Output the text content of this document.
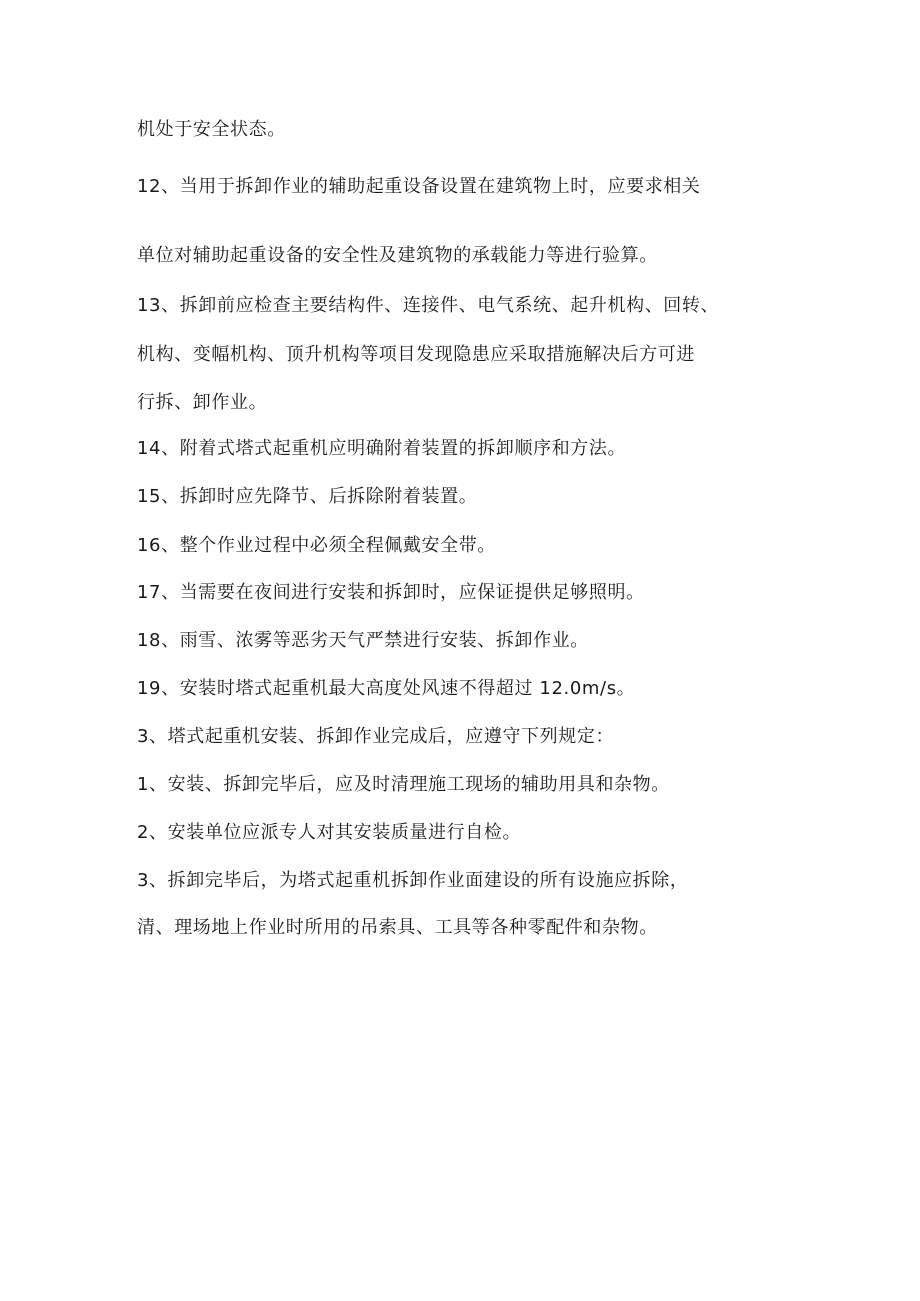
机处于安全状态。
12、当用于拆卸作业的辅助起重设备设置在建筑物上时，应要求相关
单位对辅助起重设备的安全性及建筑物的承载能力等进行验算。
13、拆卸前应检查主要结构件、连接件、电气系统、起升机构、回转、
机构、变幅机构、顶升机构等项目发现隐患应采取措施解决后方可进
行拆、卸作业。
14、附着式塔式起重机应明确附着装置的拆卸顺序和方法。
15、拆卸时应先降节、后拆除附着装置。
16、整个作业过程中必须全程佩戴安全带。
17、当需要在夜间进行安装和拆卸时，应保证提供足够照明。
18、雨雪、浓雾等恶劣天气严禁进行安装、拆卸作业。
19、安装时塔式起重机最大高度处风速不得超过 12.0m/s。
3、塔式起重机安装、拆卸作业完成后，应遵守下列规定：
1、安装、拆卸完毕后，应及时清理施工现场的辅助用具和杂物。
2、安装单位应派专人对其安装质量进行自检。
3、拆卸完毕后，为塔式起重机拆卸作业面建设的所有设施应拆除，
清、理场地上作业时所用的吊索具、工具等各种零配件和杂物。
